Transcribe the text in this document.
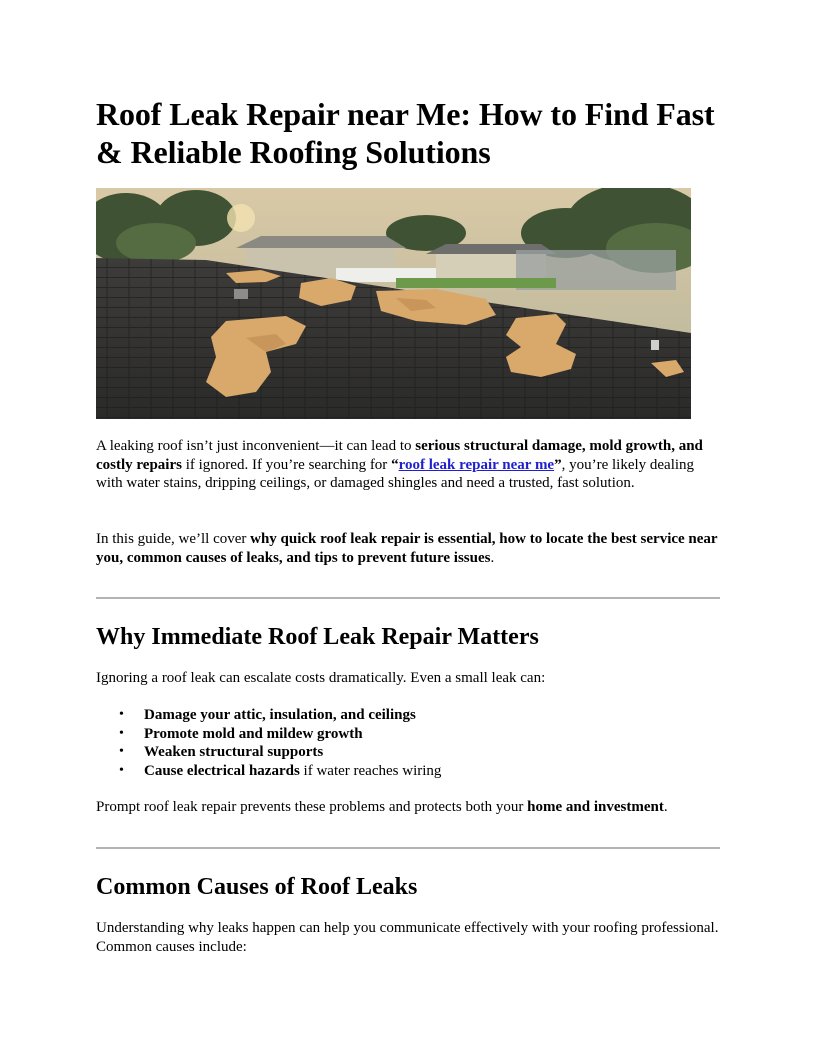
Roof Leak Repair near Me: How to Find Fast & Reliable Roofing Solutions

A leaking roof isn’t just inconvenient—it can lead to serious structural damage, mold growth, and costly repairs if ignored. If you’re searching for “roof leak repair near me”, you’re likely dealing with water stains, dripping ceilings, or damaged shingles and need a trusted, fast solution.

In this guide, we’ll cover why quick roof leak repair is essential, how to locate the best service near you, common causes of leaks, and tips to prevent future issues.

Why Immediate Roof Leak Repair Matters

Ignoring a roof leak can escalate costs dramatically. Even a small leak can:

• Damage your attic, insulation, and ceilings
• Promote mold and mildew growth
• Weaken structural supports
• Cause electrical hazards if water reaches wiring

Prompt roof leak repair prevents these problems and protects both your home and investment.

Common Causes of Roof Leaks

Understanding why leaks happen can help you communicate effectively with your roofing professional. Common causes include:
